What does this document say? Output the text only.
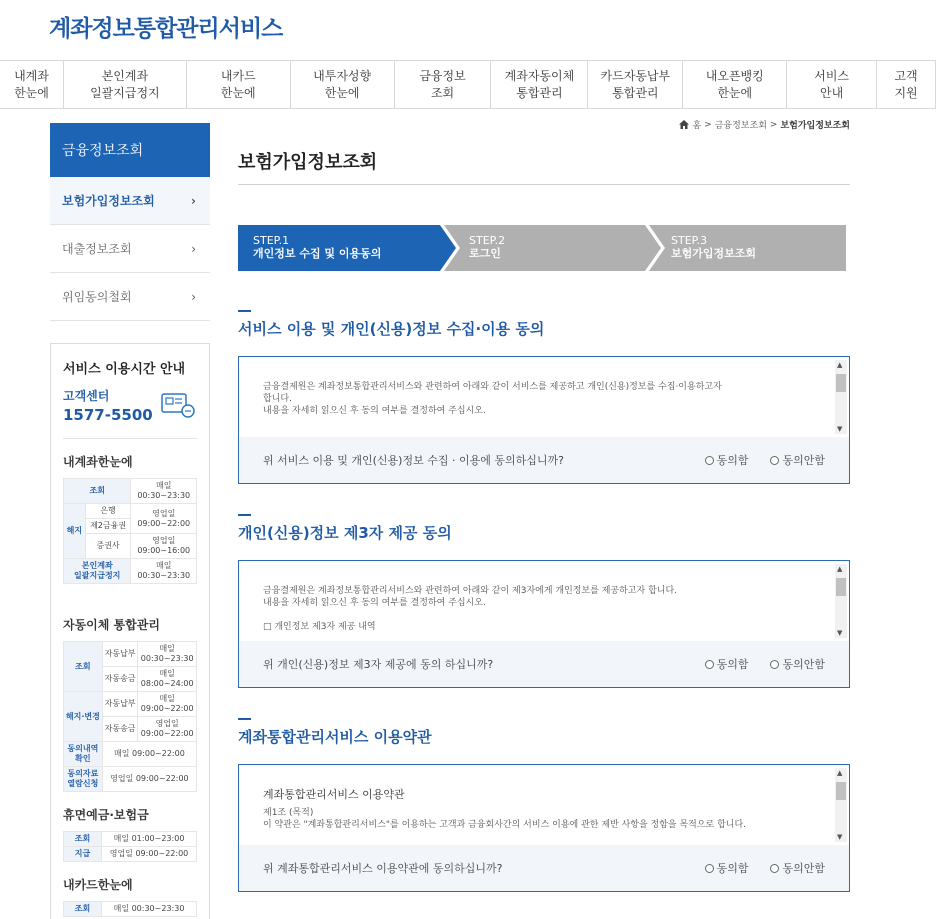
계좌정보통합관리서비스
내계좌
한눈에
본인계좌
일괄지급정지
내카드
한눈에
내투자성향
한눈에
금융정보
조회
계좌자동이체
통합관리
카드자동납부
통합관리
내오픈뱅킹
한눈에
서비스
안내
고객
지원
홈 > 금융정보조회 > 보험가입정보조회
금융정보조회
보험가입정보조회	›
대출정보조회	›
위임동의철회	›
서비스 이용시간 안내
고객센터
1577-5500
내계좌한눈에
조회		매일
00:30~23:30
해지	은행	영업일
09:00~22:00
	제2금융권	
	증권사	영업일
09:00~16:00
본인계좌
일괄지급정지		매일
00:30~23:30
자동이체 통합관리
조회	자동납부	매일
00:30~23:30
	자동송금	매일
08:00~24:00
해지·변경	자동납부	매일
09:00~22:00
	자동송금	영업일
09:00~22:00
동의내역
확인	매일 09:00~22:00	
동의자료
열람신청	영업일 09:00~22:00	
휴면예금·보험금
조회	매일 01:00~23:00
지급	영업일 09:00~22:00
내카드한눈에
조회	매일 00:30~23:30
보험가입정보조회
STEP.1
개인정보 수집 및 이용동의
STEP.2
로그인
STEP.3
보험가입정보조회
서비스 이용 및 개인(신용)정보 수집·이용 동의
금융결제원은 계좌정보통합관리서비스와 관련하여 아래와 같이 서비스를 제공하고 개인(신용)정보를 수집·이용하고자
합니다.
내용을 자세히 읽으신 후 동의 여부를 결정하여 주십시오.
▲
▼
위 서비스 이용 및 개인(신용)정보 수집 · 이용에 동의하십니까?	동의함	동의안함
개인(신용)정보 제3자 제공 동의
금융결제원은 계좌정보통합관리서비스와 관련하여 아래와 같이 제3자에게 개인정보를 제공하고자 합니다.
내용을 자세히 읽으신 후 동의 여부를 결정하여 주십시오.
□ 개인정보 제3자 제공 내역
▲
▼
위 개인(신용)정보 제3자 제공에 동의 하십니까?	동의함	동의안함
계좌통합관리서비스 이용약관
계좌통합관리서비스 이용약관
제1조 (목적)
이 약관은 "계좌통합관리서비스"를 이용하는 고객과 금융회사간의 서비스 이용에 관한 제반 사항을 정함을 목적으로 합니다.
▲
▼
위 계좌통합관리서비스 이용약관에 동의하십니까?	동의함	동의안함
